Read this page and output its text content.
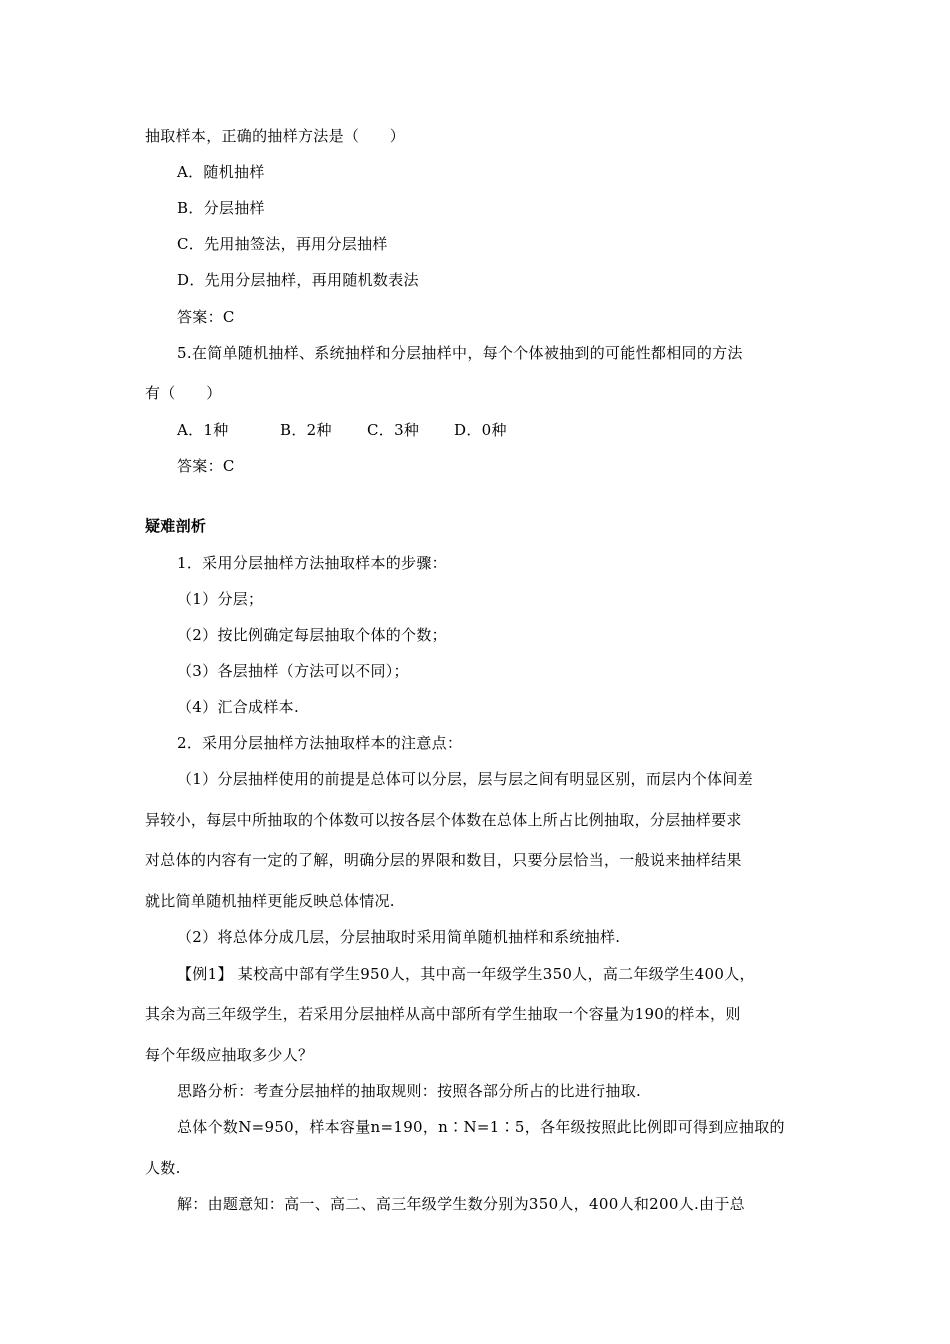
抽取样本，正确的抽样方法是（　　）
A．随机抽样
B．分层抽样
C．先用抽签法，再用分层抽样
D．先用分层抽样，再用随机数表法
答案：C
5.在简单随机抽样、系统抽样和分层抽样中，每个个体被抽到的可能性都相同的方法
有（　　）
A．1种	B．2种 C．3种 D．0种
答案：C
疑难剖析
1．采用分层抽样方法抽取样本的步骤：
（1）分层；
（2）按比例确定每层抽取个体的个数；
（3）各层抽样（方法可以不同）；
（4）汇合成样本.
2．采用分层抽样方法抽取样本的注意点：
（1）分层抽样使用的前提是总体可以分层，层与层之间有明显区别，而层内个体间差
异较小，每层中所抽取的个体数可以按各层个体数在总体上所占比例抽取，分层抽样要求
对总体的内容有一定的了解，明确分层的界限和数目，只要分层恰当，一般说来抽样结果
就比简单随机抽样更能反映总体情况.
（2）将总体分成几层，分层抽取时采用简单随机抽样和系统抽样.
【例1】 某校高中部有学生950人，其中高一年级学生350人，高二年级学生400人，
其余为高三年级学生，若采用分层抽样从高中部所有学生抽取一个容量为190的样本，则
每个年级应抽取多少人？
思路分析：考查分层抽样的抽取规则：按照各部分所占的比进行抽取.
总体个数N=950，样本容量n=190，n∶N=1∶5，各年级按照此比例即可得到应抽取的
人数.
解：由题意知：高一、高二、高三年级学生数分别为350人，400人和200人.由于总
